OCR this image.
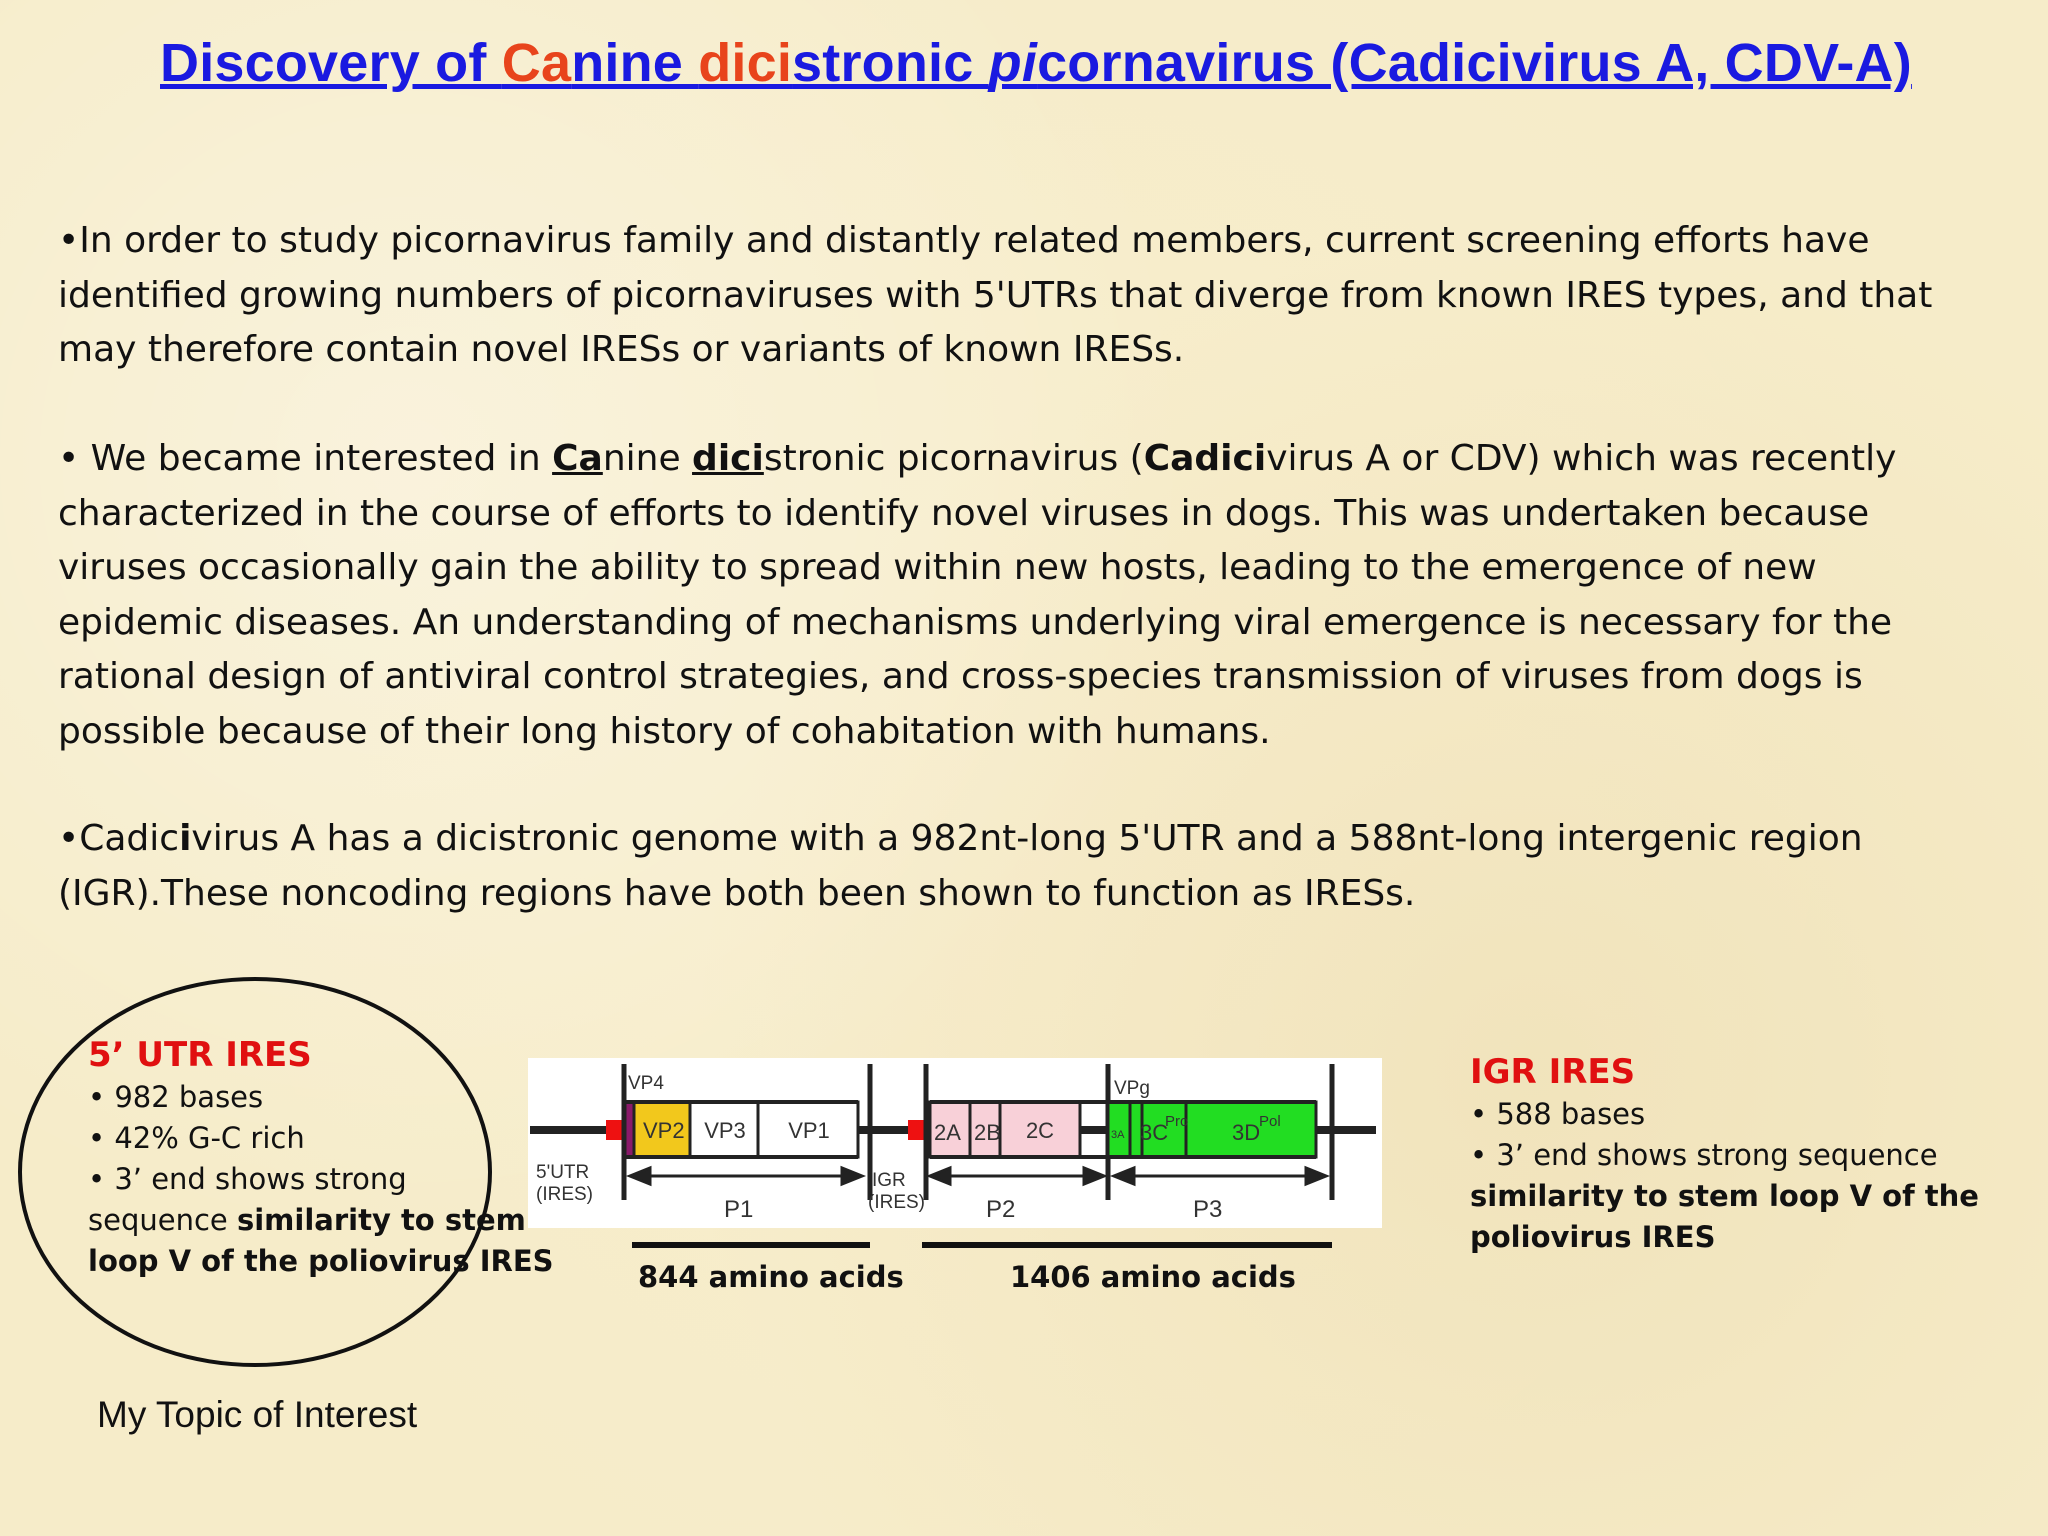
Discovery of Canine dicistronic picornavirus (Cadicivirus A, CDV-A)
•In order to study picornavirus family and distantly related members, current screening efforts have
identified growing numbers of picornaviruses with 5'UTRs that diverge from known IRES types, and that
may therefore contain novel IRESs or variants of known IRESs.
• We became interested in Canine dicistronic picornavirus (Cadicivirus A or CDV) which was recently
characterized in the course of efforts to identify novel viruses in dogs. This was undertaken because
viruses occasionally gain the ability to spread within new hosts, leading to the emergence of new
epidemic diseases. An understanding of mechanisms underlying viral emergence is necessary for the
rational design of antiviral control strategies, and cross-species transmission of viruses from dogs is
possible because of their long history of cohabitation with humans.
•Cadicivirus A has a dicistronic genome with a 982nt-long 5'UTR and a 588nt-long intergenic region
(IGR).These noncoding regions have both been shown to function as IRESs.
5’ UTR IRES
• 982 bases
• 42% G-C rich
• 3’ end shows strong
sequence similarity to stem
loop V of the poliovirus IRES
VP4
VP2 VP3 VP1
5'UTR
(IRES)
P1
IGR
(IRES)	P2	P3
2A 2B 2C
VPg
3A 3C
Pro 3D
Pol
844 amino acids	1406 amino acids
IGR IRES
• 588 bases
• 3’ end shows strong sequence
similarity to stem loop V of the
poliovirus IRES
My Topic of Interest
